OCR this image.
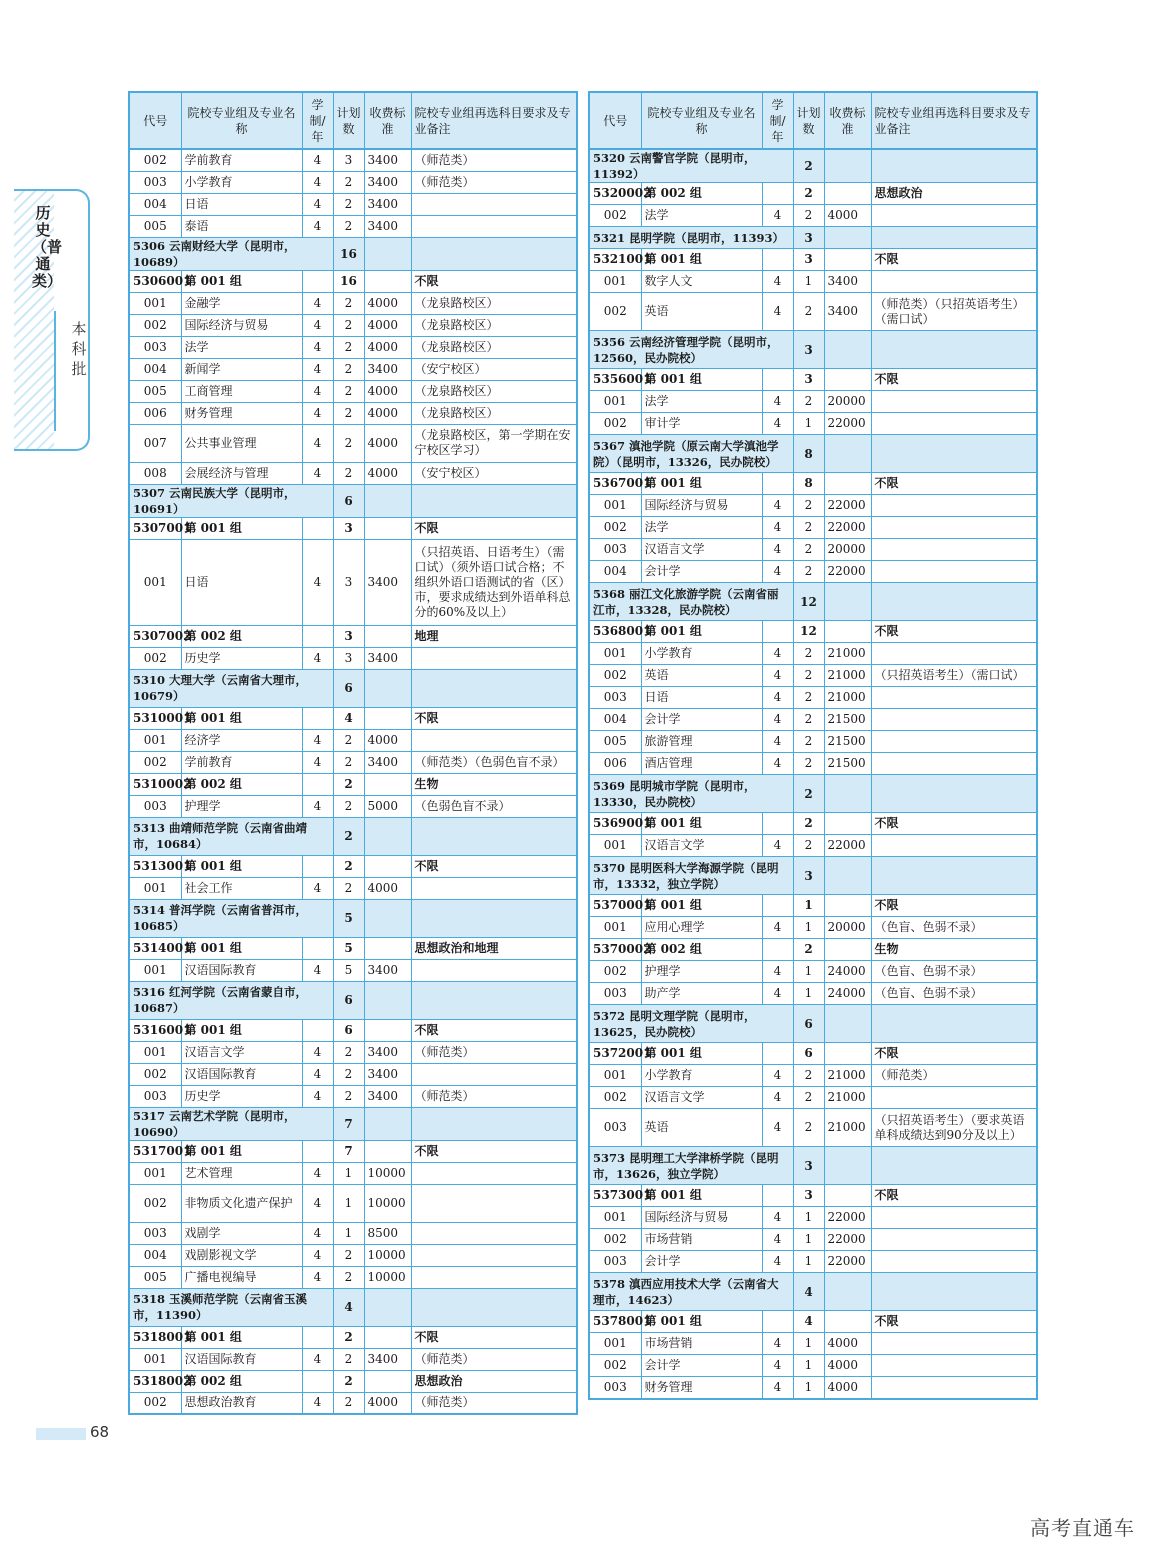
历史（普通类）
本科批
代号	院校专业组及专业名称	学制/年	计划数	收费标准	院校专业组再选科目要求及专业备注
002	学前教育	4	3	3400	（师范类）
003	小学教育	4	2	3400	（师范类）
004	日语	4	2	3400	
005	泰语	4	2	3400	
5306 云南财经大学（昆明市，10689）			16		
5306001	第 001 组		16		不限
001	金融学	4	2	4000	（龙泉路校区）
002	国际经济与贸易	4	2	4000	（龙泉路校区）
003	法学	4	2	4000	（龙泉路校区）
004	新闻学	4	2	3400	（安宁校区）
005	工商管理	4	2	4000	（龙泉路校区）
006	财务管理	4	2	4000	（龙泉路校区）
007	公共事业管理	4	2	4000	（龙泉路校区，第一学期在安宁校区学习）
008	会展经济与管理	4	2	4000	（安宁校区）
5307 云南民族大学（昆明市，10691）			6		
5307001	第 001 组		3		不限
001	日语	4	3	3400	（只招英语、日语考生）（需口试）（须外语口试合格；不组织外语口语测试的省（区）市，要求成绩达到外语单科总分的60%及以上）
5307002	第 002 组		3		地理
002	历史学	4	3	3400	
5310 大理大学（云南省大理市，10679）			6		
5310001	第 001 组		4		不限
001	经济学	4	2	4000	
002	学前教育	4	2	3400	（师范类）（色弱色盲不录）
5310002	第 002 组		2		生物
003	护理学	4	2	5000	（色弱色盲不录）
5313 曲靖师范学院（云南省曲靖市，10684）			2		
5313001	第 001 组		2		不限
001	社会工作	4	2	4000	
5314 普洱学院（云南省普洱市，10685）			5		
5314001	第 001 组		5		思想政治和地理
001	汉语国际教育	4	5	3400	
5316 红河学院（云南省蒙自市，10687）			6		
5316001	第 001 组		6		不限
001	汉语言文学	4	2	3400	（师范类）
002	汉语国际教育	4	2	3400	
003	历史学	4	2	3400	（师范类）
5317 云南艺术学院（昆明市，10690）			7		
5317001	第 001 组		7		不限
001	艺术管理	4	1	10000	
002	非物质文化遗产保护	4	1	10000	
003	戏剧学	4	1	8500	
004	戏剧影视文学	4	2	10000	
005	广播电视编导	4	2	10000	
5318 玉溪师范学院（云南省玉溪市，11390）			4		
5318001	第 001 组		2		不限
001	汉语国际教育	4	2	3400	（师范类）
5318002	第 002 组		2		思想政治
002	思想政治教育	4	2	4000	（师范类）
代号	院校专业组及专业名称	学制/年	计划数	收费标准	院校专业组再选科目要求及专业备注
5320 云南警官学院（昆明市，11392）			2		
5320002	第 002 组		2		思想政治
002	法学	4	2	4000	
5321 昆明学院（昆明市，11393）			3		
5321001	第 001 组		3		不限
001	数字人文	4	1	3400	
002	英语	4	2	3400	（师范类）（只招英语考生）（需口试）
5356 云南经济管理学院（昆明市，12560，民办院校）			3		
5356001	第 001 组		3		不限
001	法学	4	2	20000	
002	审计学	4	1	22000	
5367 滇池学院（原云南大学滇池学院）（昆明市，13326，民办院校）			8		
5367001	第 001 组		8		不限
001	国际经济与贸易	4	2	22000	
002	法学	4	2	22000	
003	汉语言文学	4	2	20000	
004	会计学	4	2	22000	
5368 丽江文化旅游学院（云南省丽江市，13328，民办院校）			12		
5368001	第 001 组		12		不限
001	小学教育	4	2	21000	
002	英语	4	2	21000	（只招英语考生）（需口试）
003	日语	4	2	21000	
004	会计学	4	2	21500	
005	旅游管理	4	2	21500	
006	酒店管理	4	2	21500	
5369 昆明城市学院（昆明市，13330，民办院校）			2		
5369001	第 001 组		2		不限
001	汉语言文学	4	2	22000	
5370 昆明医科大学海源学院（昆明市，13332，独立学院）			3		
5370001	第 001 组		1		不限
001	应用心理学	4	1	20000	（色盲、色弱不录）
5370002	第 002 组		2		生物
002	护理学	4	1	24000	（色盲、色弱不录）
003	助产学	4	1	24000	（色盲、色弱不录）
5372 昆明文理学院（昆明市，13625，民办院校）			6		
5372001	第 001 组		6		不限
001	小学教育	4	2	21000	（师范类）
002	汉语言文学	4	2	21000	
003	英语	4	2	21000	（只招英语考生）（要求英语单科成绩达到90分及以上）
5373 昆明理工大学津桥学院（昆明市，13626，独立学院）			3		
5373001	第 001 组		3		不限
001	国际经济与贸易	4	1	22000	
002	市场营销	4	1	22000	
003	会计学	4	1	22000	
5378 滇西应用技术大学（云南省大理市，14623）			4		
5378001	第 001 组		4		不限
001	市场营销	4	1	4000	
002	会计学	4	1	4000	
003	财务管理	4	1	4000	
68
高考直通车
